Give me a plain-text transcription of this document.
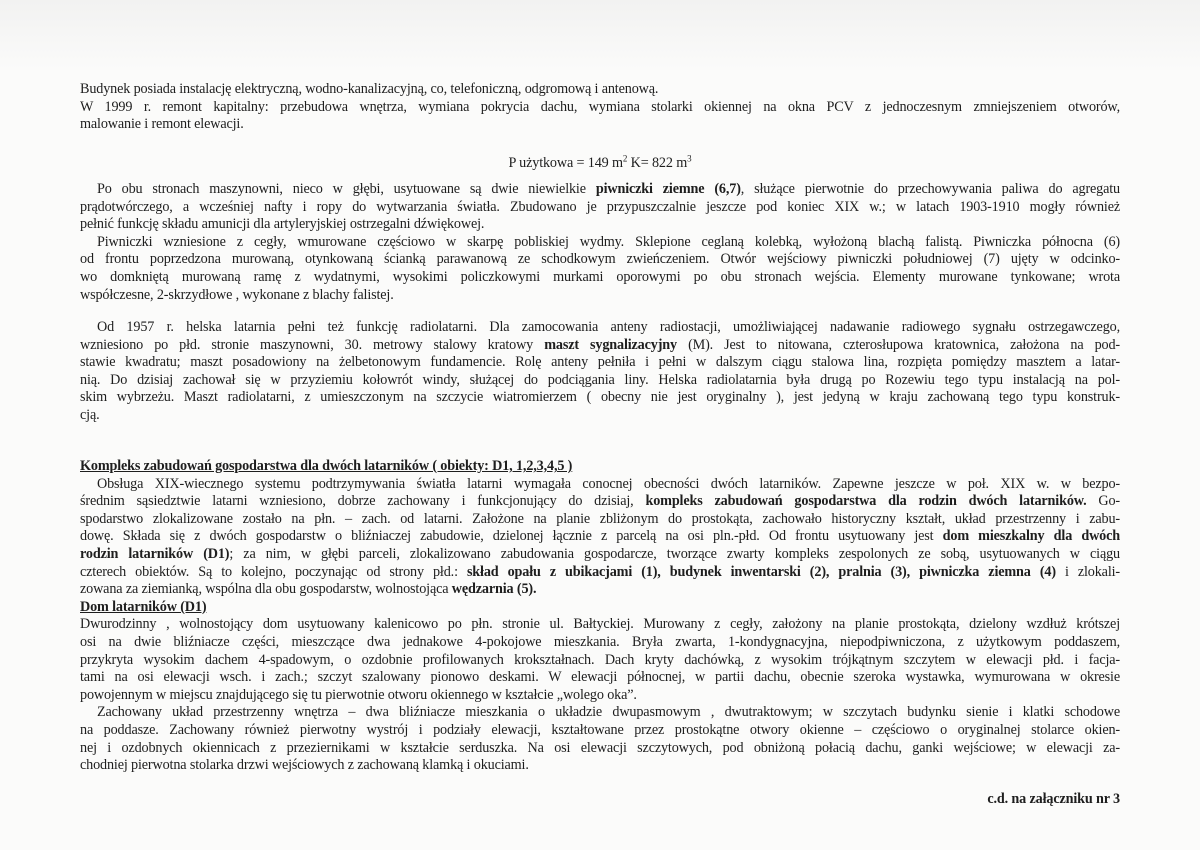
Budynek posiada instalację elektryczną, wodno-kanalizacyjną, co, telefoniczną, odgromową i antenową.
W 1999 r. remont kapitalny: przebudowa wnętrza, wymiana pokrycia dachu, wymiana stolarki okiennej na okna PCV z jednoczesnym zmniejszeniem otworów,
malowanie i remont elewacji.
P użytkowa = 149 $m^2$ K= 822 $m^3$
Po obu stronach maszynowni, nieco w głębi, usytuowane są dwie niewielkie piwniczki ziemne (6,7), służące pierwotnie do przechowywania paliwa do agregatu
prądotwórczego, a wcześniej nafty i ropy do wytwarzania światła. Zbudowano je przypuszczalnie jeszcze pod koniec XIX w.; w latach 1903-1910 mogły również
pełnić funkcję składu amunicji dla artyleryjskiej ostrzegalni dźwiękowej.
Piwniczki wzniesione z cegły, wmurowane częściowo w skarpę pobliskiej wydmy. Sklepione ceglaną kolebką, wyłożoną blachą falistą. Piwniczka północna (6)
od frontu poprzedzona murowaną, otynkowaną ścianką parawanową ze schodkowym zwieńczeniem. Otwór wejściowy piwniczki południowej (7) ujęty w odcinko-
wo domkniętą murowaną ramę z wydatnymi, wysokimi policzkowymi murkami oporowymi po obu stronach wejścia. Elementy murowane tynkowane; wrota
współczesne, 2-skrzydłowe , wykonane z blachy falistej.
Od 1957 r. helska latarnia pełni też funkcję radiolatarni. Dla zamocowania anteny radiostacji, umożliwiającej nadawanie radiowego sygnału ostrzegawczego,
wzniesiono po płd. stronie maszynowni, 30. metrowy stalowy kratowy maszt sygnalizacyjny (M). Jest to nitowana, czterosłupowa kratownica, założona na pod-
stawie kwadratu; maszt posadowiony na żelbetonowym fundamencie. Rolę anteny pełniła i pełni w dalszym ciągu stalowa lina, rozpięta pomiędzy masztem a latar-
nią. Do dzisiaj zachował się w przyziemiu kołowrót windy, służącej do podciągania liny. Helska radiolatarnia była drugą po Rozewiu tego typu instalacją na pol-
skim wybrzeżu. Maszt radiolatarni, z umieszczonym na szczycie wiatromierzem ( obecny nie jest oryginalny ), jest jedyną w kraju zachowaną tego typu konstruk-
cją.
Kompleks zabudowań gospodarstwa dla dwóch latarników ( obiekty: D1, 1,2,3,4,5 )
Obsługa XIX-wiecznego systemu podtrzymywania światła latarni wymagała conocnej obecności dwóch latarników. Zapewne jeszcze w poł. XIX w. w bezpo-
średnim sąsiedztwie latarni wzniesiono, dobrze zachowany i funkcjonujący do dzisiaj, kompleks zabudowań gospodarstwa dla rodzin dwóch latarników. Go-
spodarstwo zlokalizowane zostało na płn. – zach. od latarni. Założone na planie zbliżonym do prostokąta, zachowało historyczny kształt, układ przestrzenny i zabu-
dowę. Składa się z dwóch gospodarstw o bliźniaczej zabudowie, dzielonej łącznie z parcelą na osi pln.-płd. Od frontu usytuowany jest dom mieszkalny dla dwóch
rodzin latarników (D1); za nim, w głębi parceli, zlokalizowano zabudowania gospodarcze, tworzące zwarty kompleks zespolonych ze sobą, usytuowanych w ciągu
czterech obiektów. Są to kolejno, poczynając od strony płd.: skład opału z ubikacjami (1), budynek inwentarski (2), pralnia (3), piwniczka ziemna (4) i zlokali-
zowana za ziemianką, wspólna dla obu gospodarstw, wolnostojąca wędzarnia (5).
Dom latarników (D1)
Dwurodzinny , wolnostojący dom usytuowany kalenicowo po płn. stronie ul. Bałtyckiej. Murowany z cegły, założony na planie prostokąta, dzielony wzdłuż krótszej
osi na dwie bliźniacze części, mieszczące dwa jednakowe 4-pokojowe mieszkania. Bryła zwarta, 1-kondygnacyjna, niepodpiwniczona, z użytkowym poddaszem,
przykryta wysokim dachem 4-spadowym, o ozdobnie profilowanych krokształnach. Dach kryty dachówką, z wysokim trójkątnym szczytem w elewacji płd. i facja-
tami na osi elewacji wsch. i zach.; szczyt szalowany pionowo deskami. W elewacji północnej, w partii dachu, obecnie szeroka wystawka, wymurowana w okresie
powojennym w miejscu znajdującego się tu pierwotnie otworu okiennego w kształcie „wolego oka”.
Zachowany układ przestrzenny wnętrza – dwa bliźniacze mieszkania o układzie dwupasmowym , dwutraktowym; w szczytach budynku sienie i klatki schodowe
na poddasze. Zachowany również pierwotny wystrój i podziały elewacji, kształtowane przez prostokątne otwory okienne – częściowo o oryginalnej stolarce okien-
nej i ozdobnych okiennicach z przeziernikami w kształcie serduszka. Na osi elewacji szczytowych, pod obniżoną połacią dachu, ganki wejściowe; w elewacji za-
chodniej pierwotna stolarka drzwi wejściowych z zachowaną klamką i okuciami.
c.d. na załączniku nr 3
